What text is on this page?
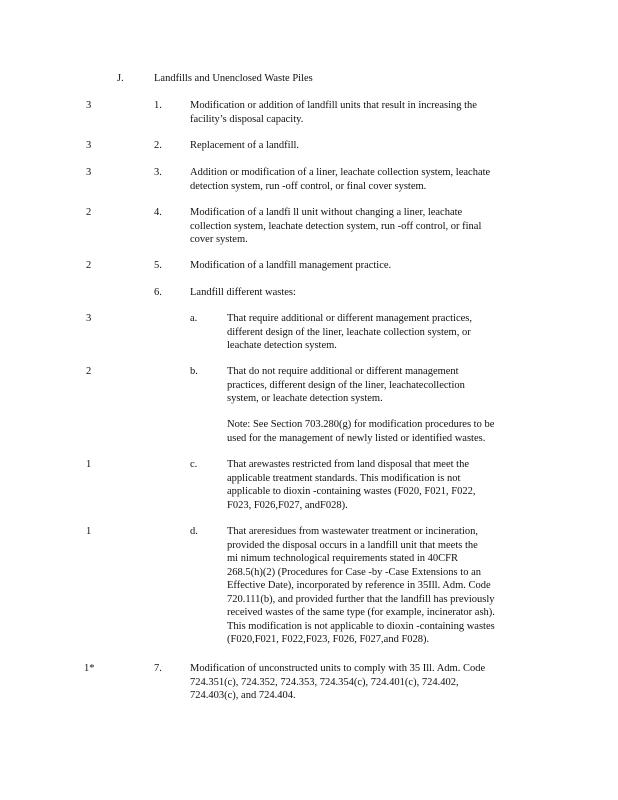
J.	Landfills and Unenclosed Waste Piles
3	1.	Modification or addition of landfill units that result in increasing the
facility’s disposal capacity.
3	2.	Replacement of a landfill.
3	3.	Addition or modification of a liner, leachate collection system, leachate
detection system, run -off control, or final cover system.
2	4.	Modification of a landfi ll unit without changing a liner, leachate
collection system, leachate detection system, run -off control, or final
cover system.
2	5.	Modification of a landfill management practice.
6.	Landfill different wastes:
3	a.	That require additional or different management practices,
different design of the liner, leachate collection system, or
leachate detection system.
2	b.	That do not require additional or different management
practices, different design of the liner, leachatecollection
system, or leachate detection system.
Note: See Section 703.280(g) for modification procedures to be
used for the management of newly listed or identified wastes.
1	c.	That arewastes restricted from land disposal that meet the
applicable treatment standards. This modification is not
applicable to dioxin -containing wastes (F020, F021, F022,
F023, F026,F027, andF028).
1	d.	That areresidues from wastewater treatment or incineration,
provided the disposal occurs in a landfill unit that meets the
mi nimum technological requirements stated in 40CFR
268.5(h)(2) (Procedures for Case -by -Case Extensions to an
Effective Date), incorporated by reference in 35Ill. Adm. Code
720.111(b), and provided further that the landfill has previously
received wastes of the same type (for example, incinerator ash).
This modification is not applicable to dioxin -containing wastes
(F020,F021, F022,F023, F026, F027,and F028).
1*	7.	Modification of unconstructed units to comply with 35 Ill. Adm. Code
724.351(c), 724.352, 724.353, 724.354(c), 724.401(c), 724.402,
724.403(c), and 724.404.
